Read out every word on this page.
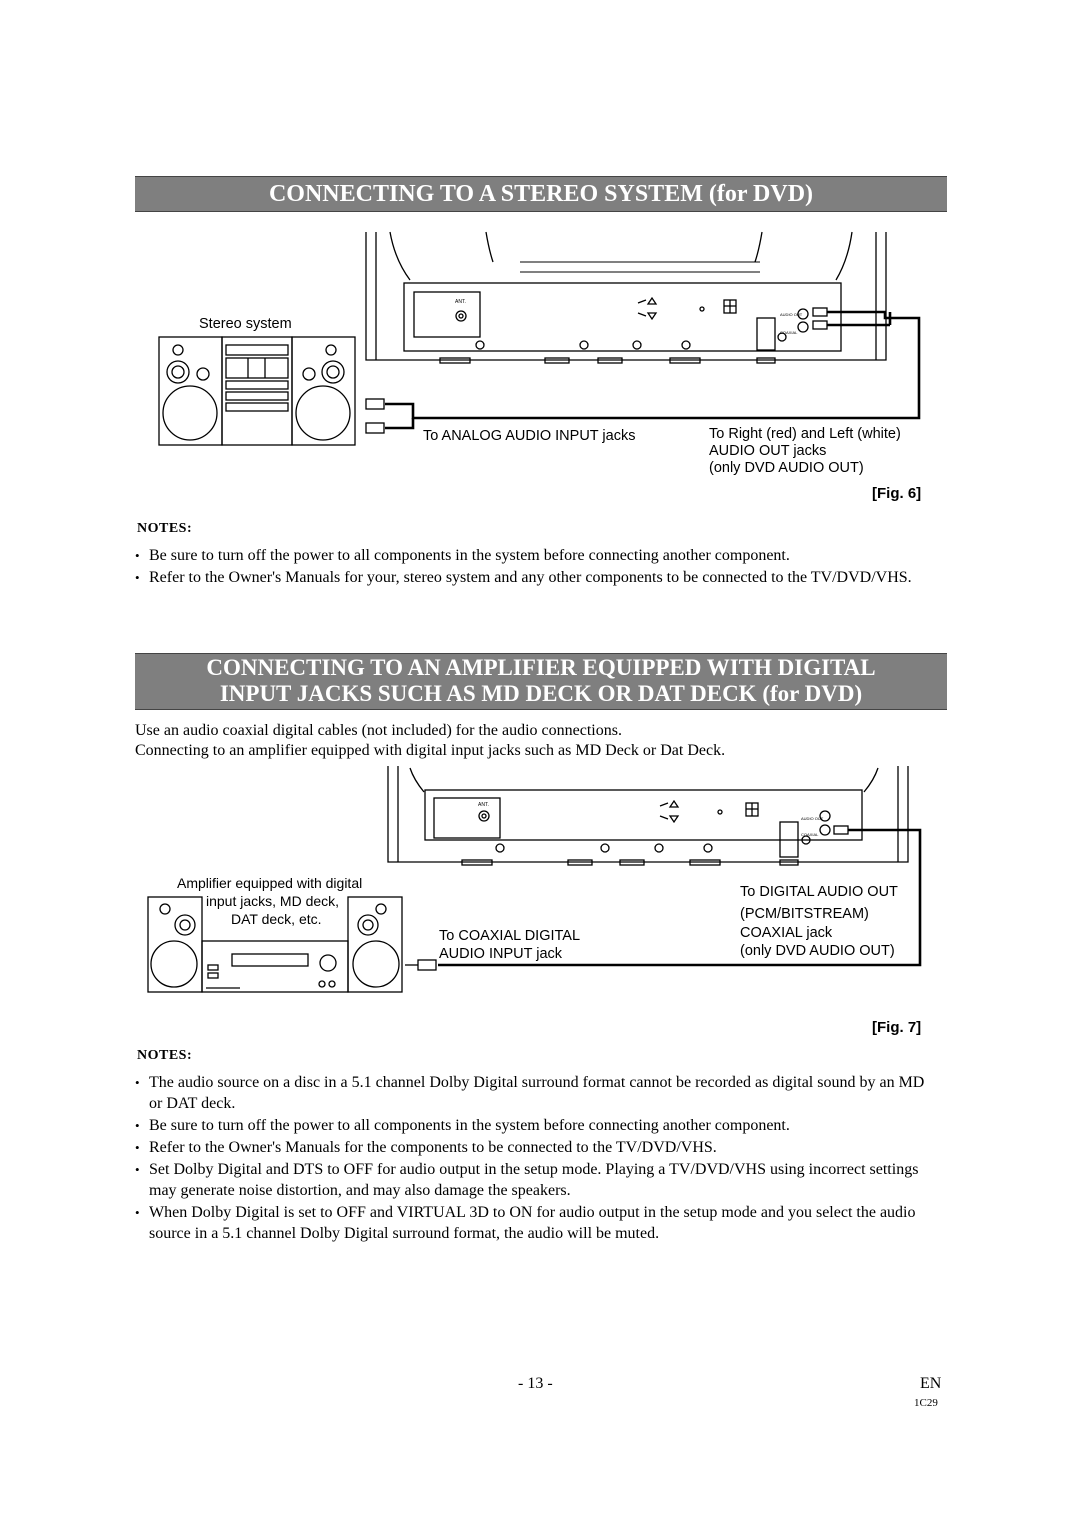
CONNECTING TO A STEREO SYSTEM (for DVD)
Stereo system
ANT.
AUDIO OUT
COAXIAL
To ANALOG AUDIO INPUT jacks	To Right (red) and Left (white)
AUDIO OUT jacks
(only DVD AUDIO OUT)
[Fig. 6]
NOTES:
• Be sure to turn off the power to all components in the system before connecting another component.
• Refer to the Owner's Manuals for your, stereo system and any other components to be connected to the TV/DVD/VHS.
CONNECTING TO AN AMPLIFIER EQUIPPED WITH DIGITAL
INPUT JACKS SUCH AS MD DECK OR DAT DECK (for DVD)
Use an audio coaxial digital cables (not included) for the audio connections.
Connecting to an amplifier equipped with digital input jacks such as MD Deck or Dat Deck.
ANT.
AUDIO OUT
COAXIAL
Amplifier equipped with digital
input jacks, MD deck,
DAT deck, etc.
To COAXIAL DIGITAL
AUDIO INPUT jack
To DIGITAL AUDIO OUT
(PCM/BITSTREAM)
COAXIAL jack
(only DVD AUDIO OUT)
[Fig. 7]
NOTES:
• The audio source on a disc in a 5.1 channel Dolby Digital surround format cannot be recorded as digital sound by an MD or DAT deck.
• Be sure to turn off the power to all components in the system before connecting another component.
• Refer to the Owner's Manuals for the components to be connected to the TV/DVD/VHS.
• Set Dolby Digital and DTS to OFF for audio output in the setup mode. Playing a TV/DVD/VHS using incorrect settings may generate noise distortion, and may also damage the speakers.
• When Dolby Digital is set to OFF and VIRTUAL 3D to ON for audio output in the setup mode and you select the audio source in a 5.1 channel Dolby Digital surround format, the audio will be muted.
- 13 -	EN
1C29
